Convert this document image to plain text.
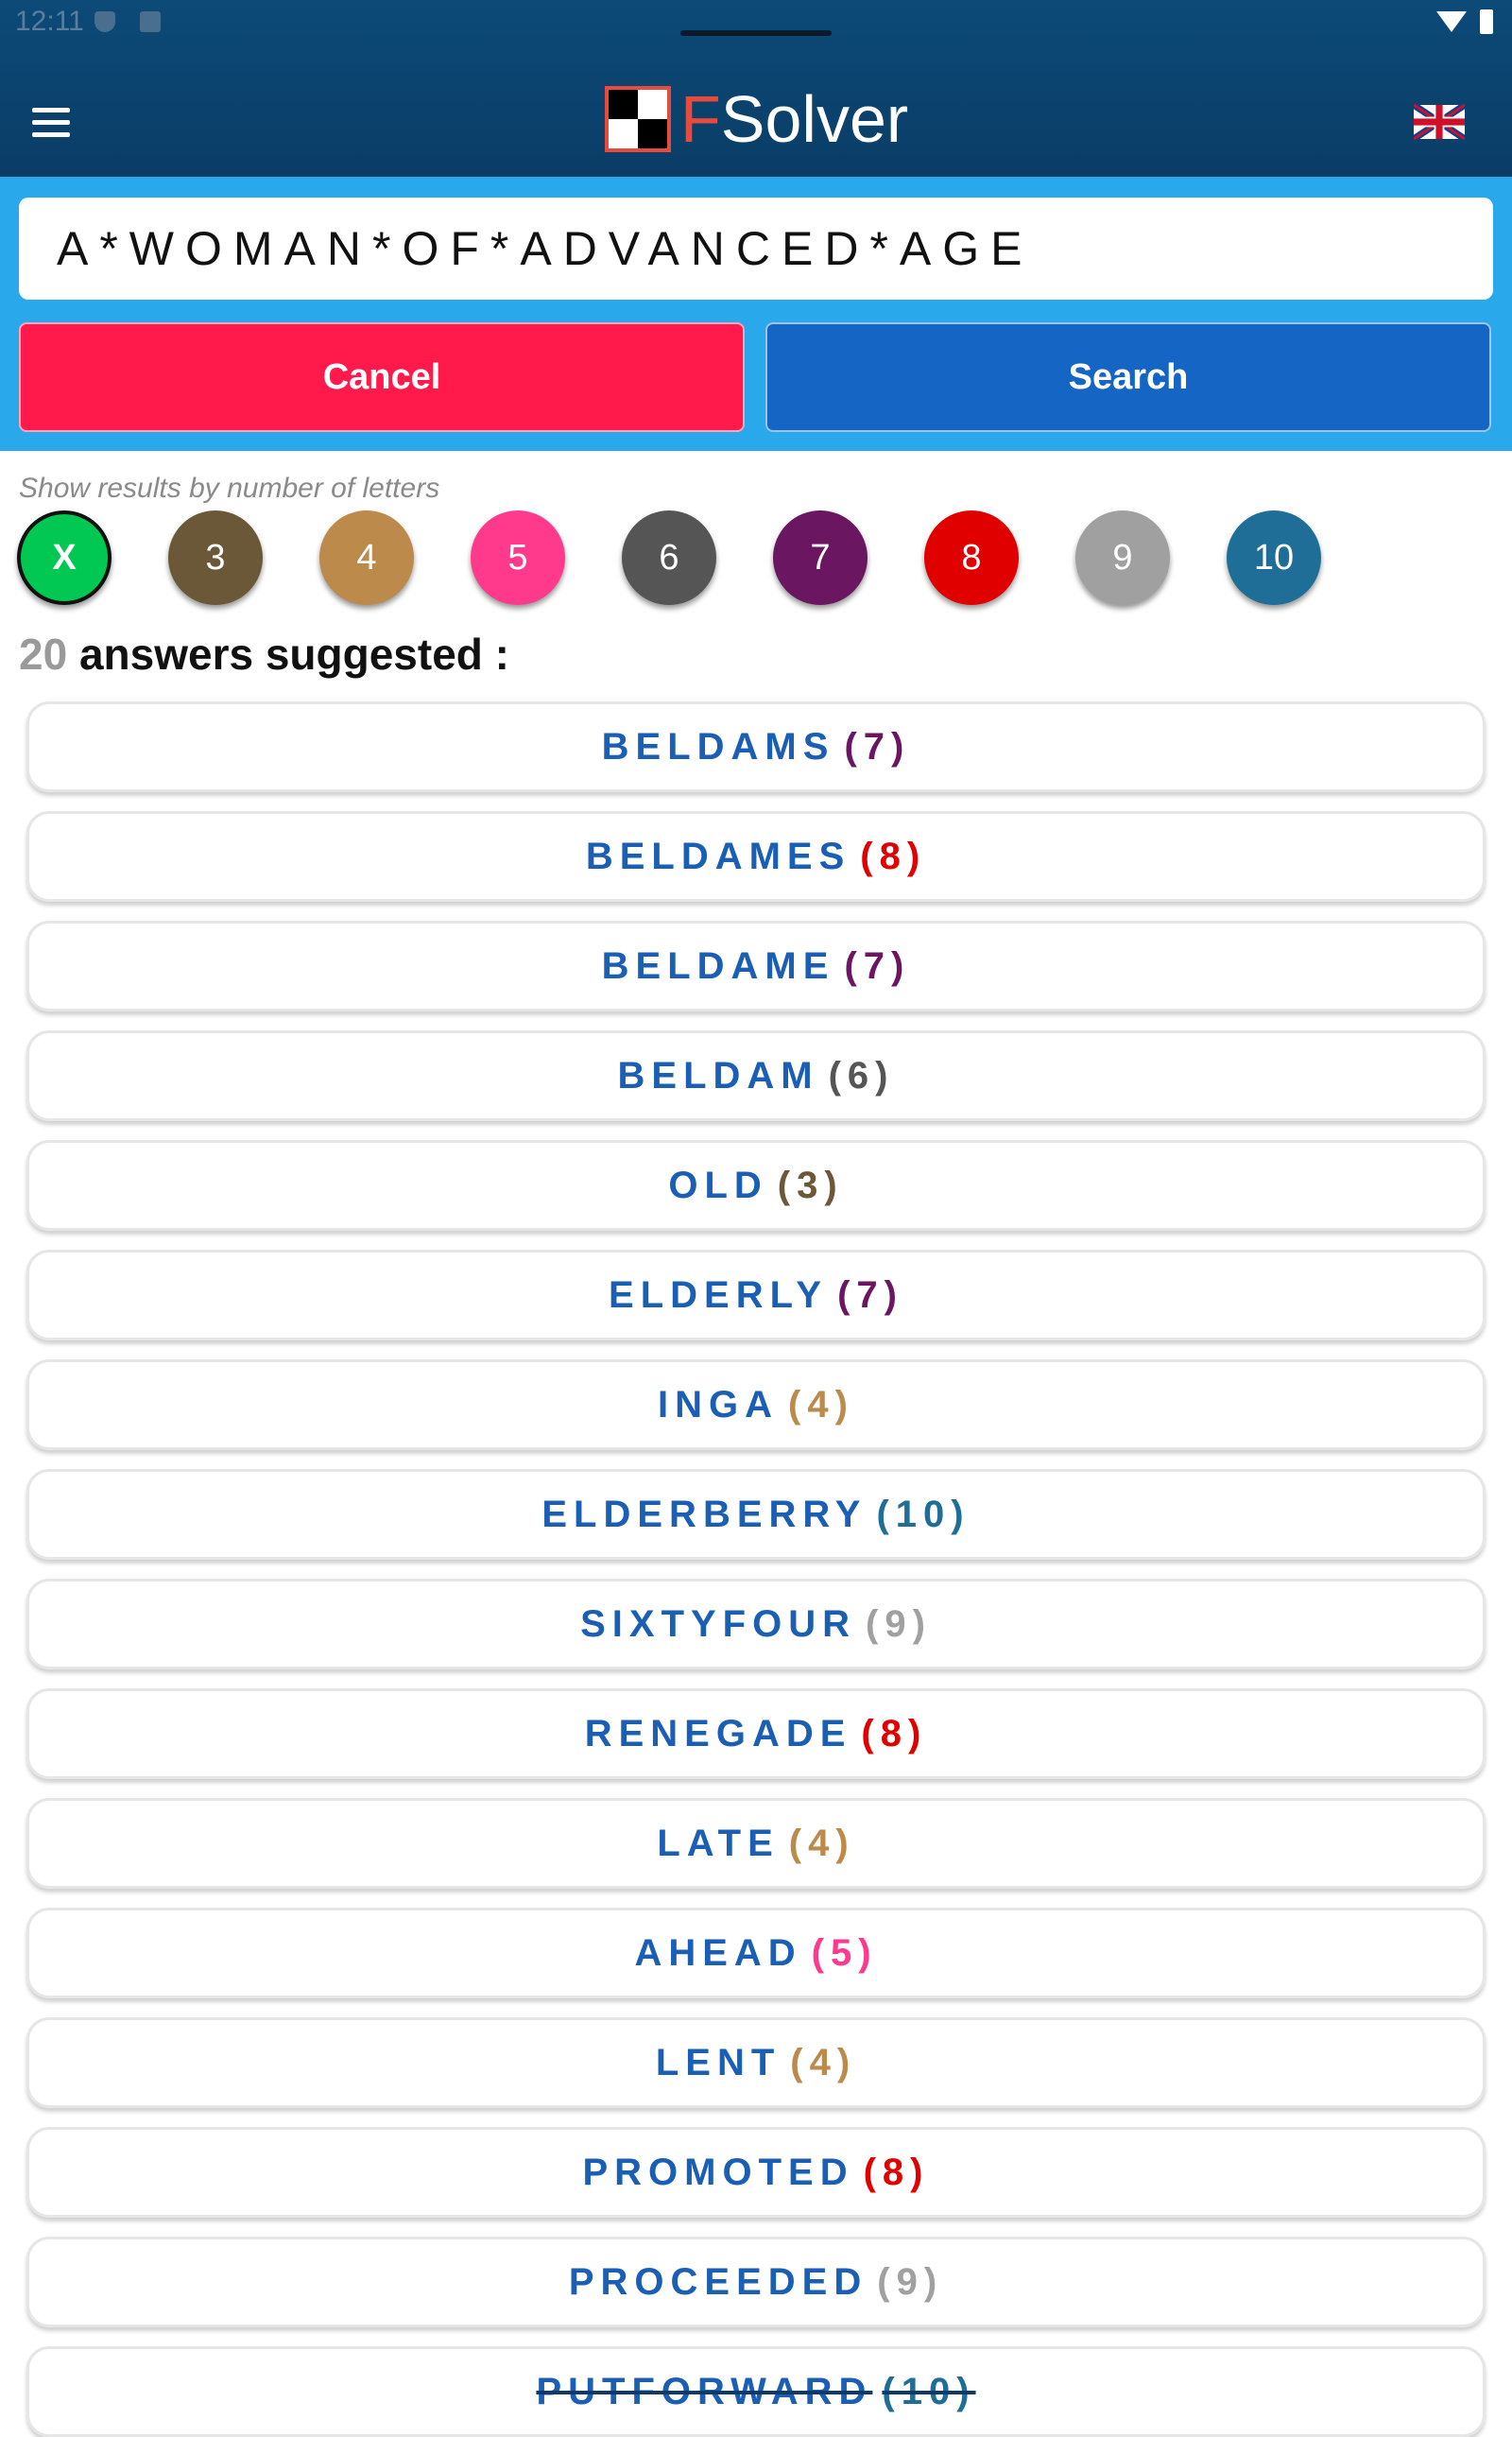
12:11
FSolver
A*WOMAN*OF*ADVANCED*AGE
Cancel	Search
Show results by number of letters
X	3	4	5	6	7	8	9	10
20 answers suggested :
BELDAMS (7)
BELDAMES (8)
BELDAME (7)
BELDAM (6)
OLD (3)
ELDERLY (7)
INGA (4)
ELDERBERRY (10)
SIXTYFOUR (9)
RENEGADE (8)
LATE (4)
AHEAD (5)
LENT (4)
PROMOTED (8)
PROCEEDED (9)
PUTFORWARD (10)
